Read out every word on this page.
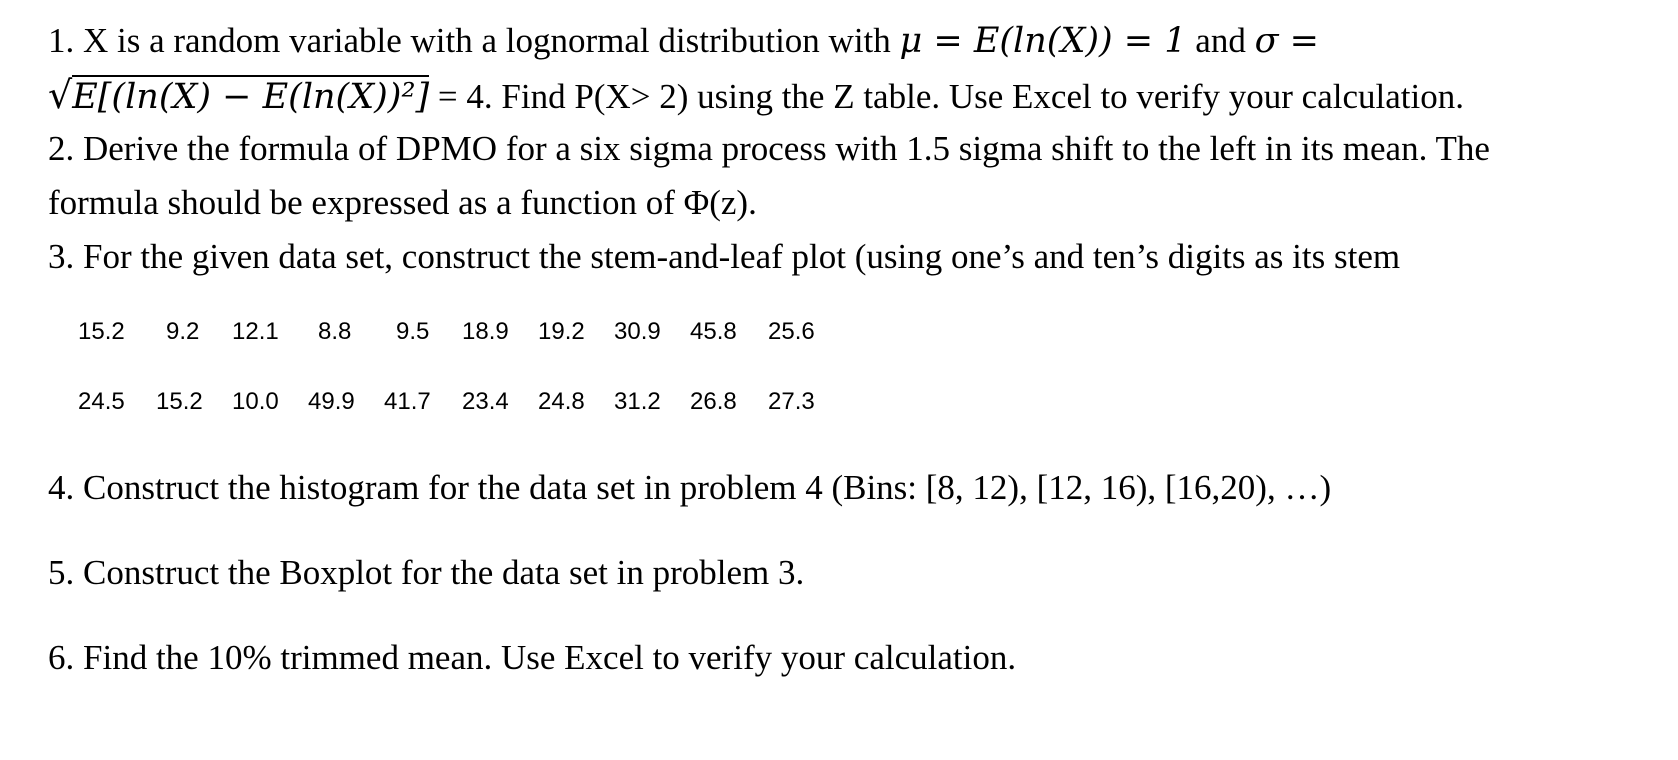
1. X is a random variable with a lognormal distribution with μ = E(ln(X)) = 1 and σ =
√E[(ln(X) − E(ln(X))²] = 4. Find P(X> 2) using the Z table. Use Excel to verify your calculation.
2. Derive the formula of DPMO for a six sigma process with 1.5 sigma shift to the left in its mean. The
formula should be expressed as a function of Φ(z).
3. For the given data set, construct the stem-and-leaf plot (using one’s and ten’s digits as its stem
15.2 9.2 12.1 8.8 9.5 18.9 19.2 30.9 45.8 25.6
24.5 15.2 10.0 49.9 41.7 23.4 24.8 31.2 26.8 27.3
4. Construct the histogram for the data set in problem 4 (Bins: [8, 12), [12, 16), [16,20), …)
5. Construct the Boxplot for the data set in problem 3.
6. Find the 10% trimmed mean. Use Excel to verify your calculation.
